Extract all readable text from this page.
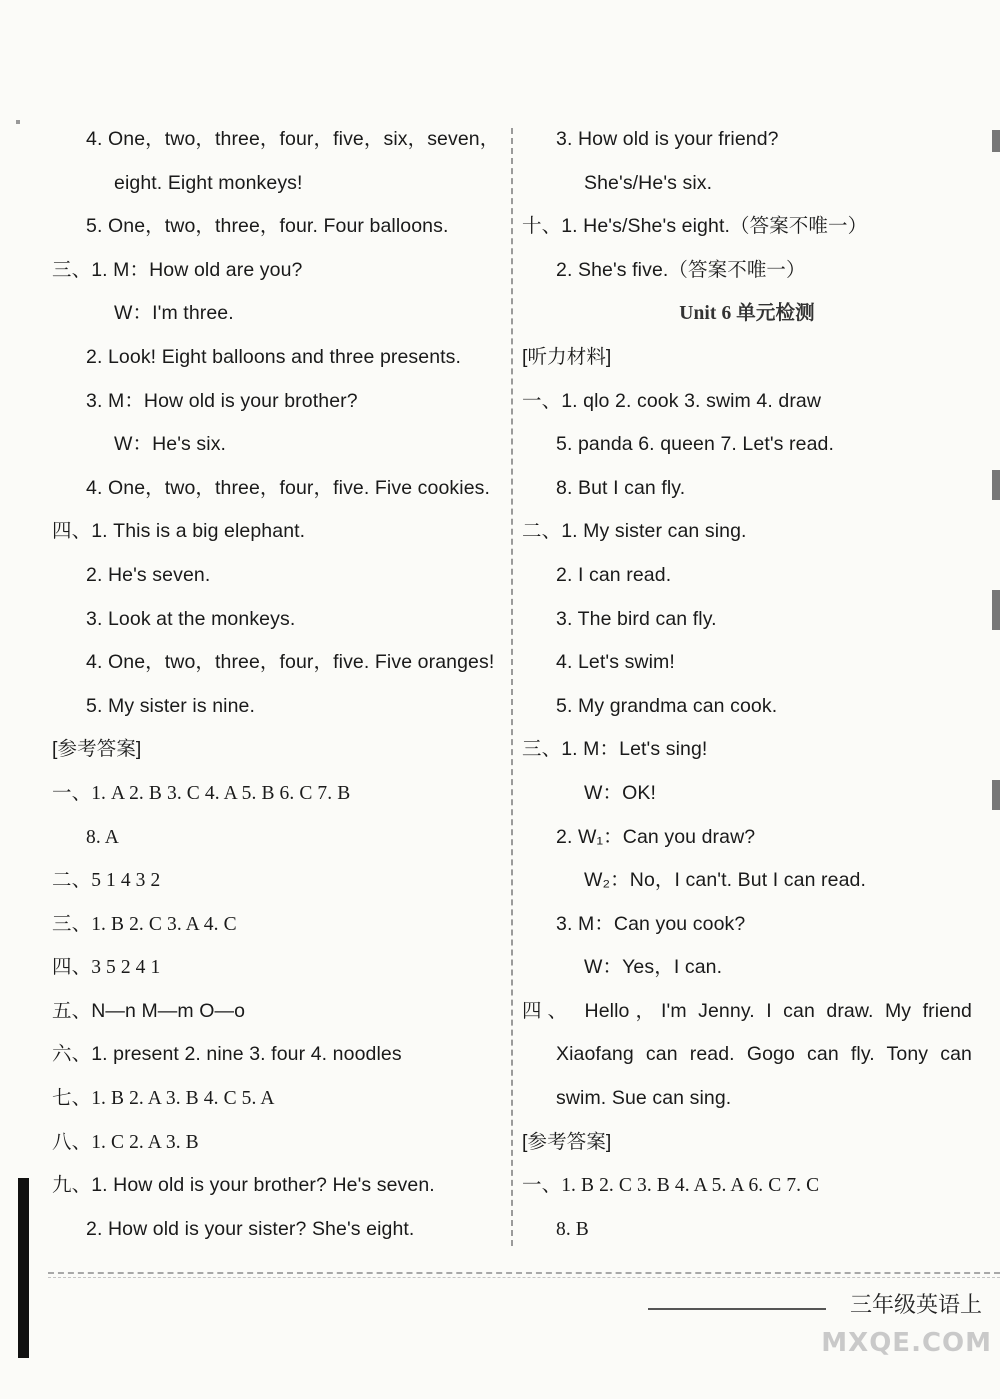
4. One，two，three，four，five，six，seven，
eight. Eight monkeys!
5. One，two，three，four. Four balloons.
三、1. M：How old are you?
W：I'm three.
2. Look! Eight balloons and three presents.
3. M：How old is your brother?
W：He's six.
4. One，two，three，four，five. Five cookies.
四、1. This is a big elephant.
2. He's seven.
3. Look at the monkeys.
4. One，two，three，four，five. Five oranges!
5. My sister is nine.
[参考答案]
一、1. A 2. B 3. C 4. A 5. B 6. C 7. B
8. A
二、5 1 4 3 2
三、1. B 2. C 3. A 4. C
四、3 5 2 4 1
五、N—n M—m O—o
六、1. present 2. nine 3. four 4. noodles
七、1. B 2. A 3. B 4. C 5. A
八、1. C 2. A 3. B
九、1. How old is your brother? He's seven.
2. How old is your sister? She's eight.
3. How old is your friend?
She's/He's six.
十、1. He's/She's eight.（答案不唯一）
2. She's five.（答案不唯一）
Unit 6 单元检测
[听力材料]
一、1. qlo 2. cook 3. swim 4. draw
5. panda 6. queen 7. Let's read.
8. But I can fly.
二、1. My sister can sing.
2. I can read.
3. The bird can fly.
4. Let's swim!
5. My grandma can cook.
三、1. M：Let's sing!
W：OK!
2. W₁：Can you draw?
W₂：No，I can't. But I can read.
3. M：Can you cook?
W：Yes，I can.
四、 Hello，I'm Jenny. I can draw. My friend
Xiaofang can read. Gogo can fly. Tony can
swim. Sue can sing.
[参考答案]
一、1. B 2. C 3. B 4. A 5. A 6. C 7. C
8. B
三年级英语上
MXQE.COM
